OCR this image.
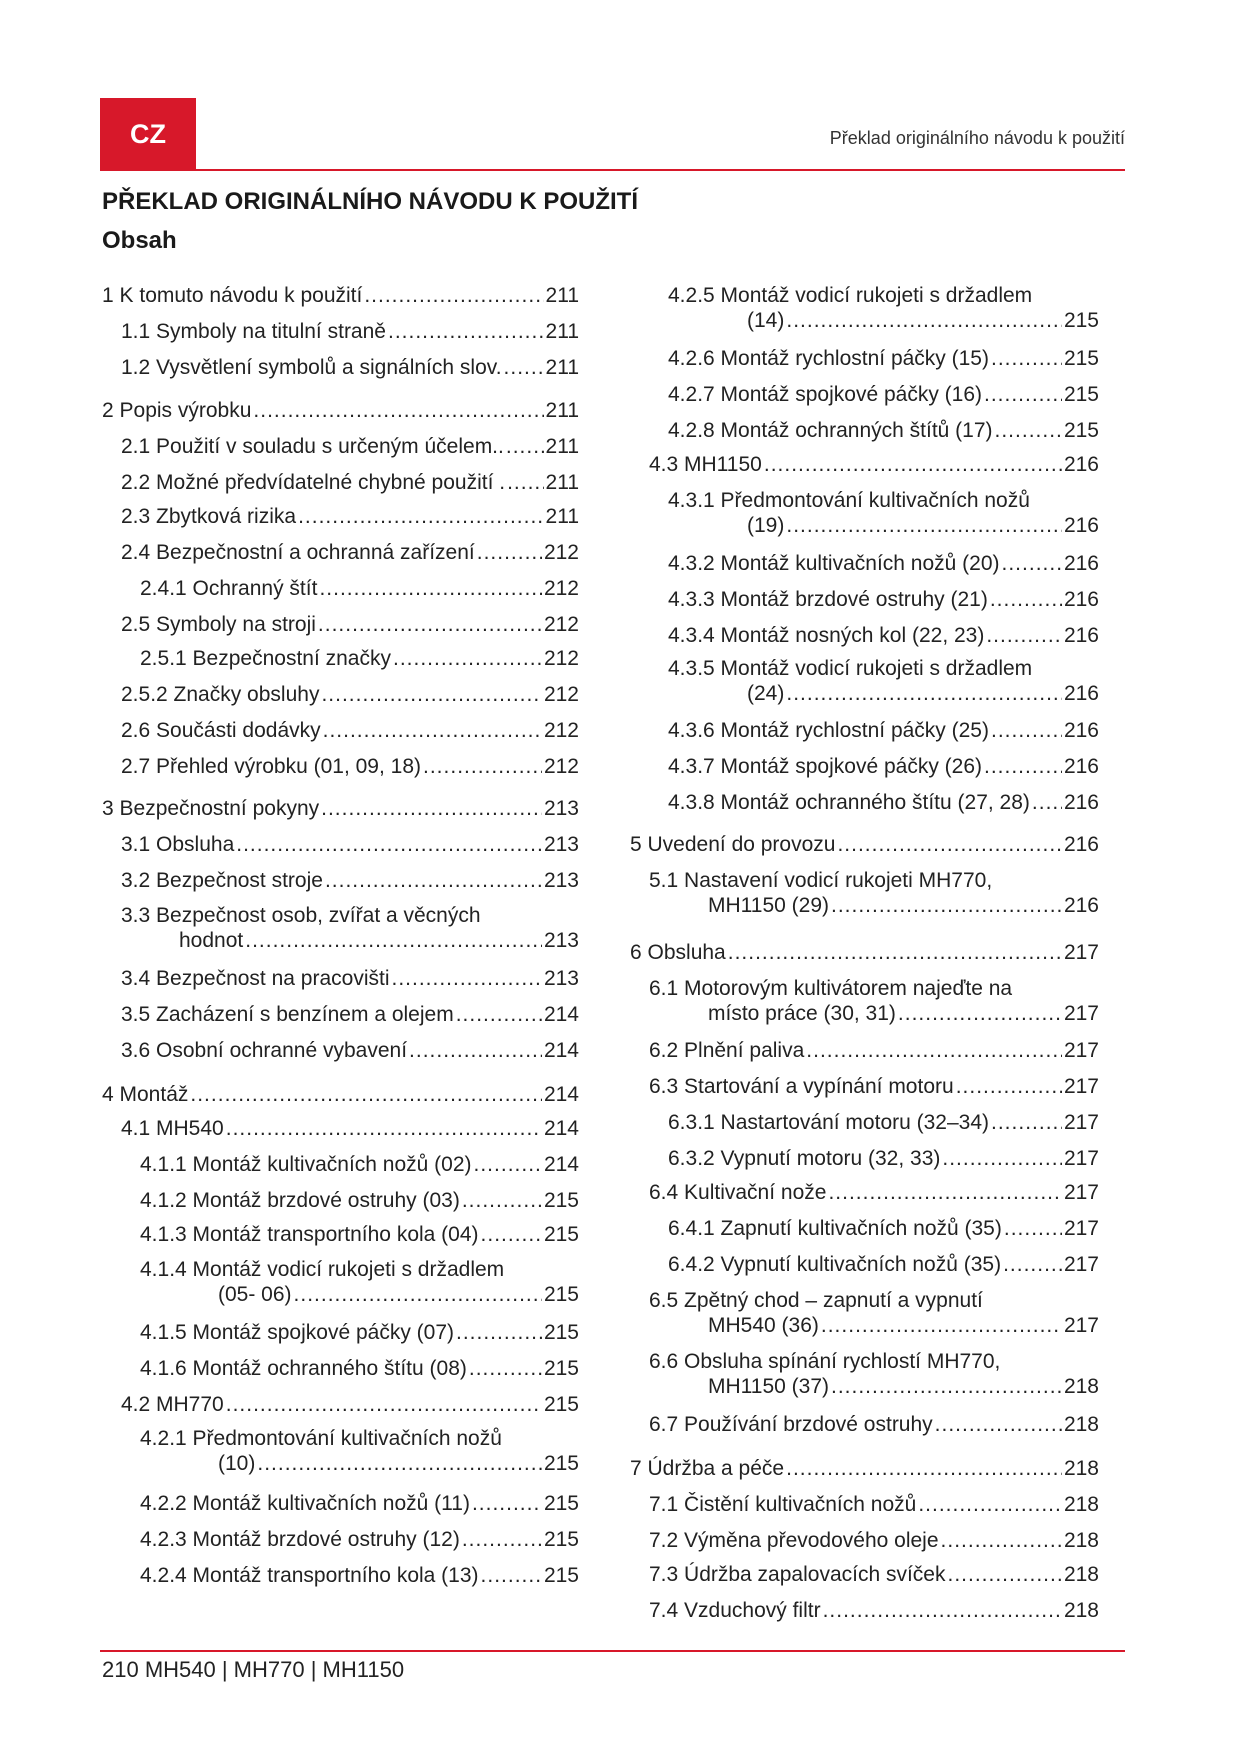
CZ	Překlad originálního návodu k použití
PŘEKLAD ORIGINÁLNÍHO NÁVODU K POUŽITÍ
Obsah
1 K tomuto návodu k použití .....	211
1.1 Symboly na titulní straně .....	211
1.2 Vysvětlení symbolů a signálních slov. ..... 211
2 Popis výrobku .....	211
2.1 Použití v souladu s určeným účelem.. ..... 211
2.2 Možné předvídatelné chybné použití . ..... 211
2.3 Zbytková rizika .....	211
2.4 Bezpečnostní a ochranná zařízení .....	212
2.4.1 Ochranný štít .....	212
2.5 Symboly na stroji .....	212
2.5.1 Bezpečnostní značky .....	212
2.5.2 Značky obsluhy .....	212
2.6 Součásti dodávky .....	212
2.7 Přehled výrobku (01, 09, 18) .....	212
3 Bezpečnostní pokyny .....	213
3.1 Obsluha .....	213
3.2 Bezpečnost stroje .....	213
3.3 Bezpečnost osob, zvířat a věcných
hodnot .....	213
3.4 Bezpečnost na pracovišti .....	213
3.5 Zacházení s benzínem a olejem .....	214
3.6 Osobní ochranné vybavení .....	214
4 Montáž .....	214
4.1 MH540 .....	214
4.1.1 Montáž kultivačních nožů (02) .....	214
4.1.2 Montáž brzdové ostruhy (03) .....	215
4.1.3 Montáž transportního kola (04) .....	215
4.1.4 Montáž vodicí rukojeti s držadlem
(05- 06) .....	215
4.1.5 Montáž spojkové páčky (07) .....	215
4.1.6 Montáž ochranného štítu (08) .....	215
4.2 MH770 .....	215
4.2.1 Předmontování kultivačních nožů
(10) .....	215
4.2.2 Montáž kultivačních nožů (11) .....	215
4.2.3 Montáž brzdové ostruhy (12) .....	215
4.2.4 Montáž transportního kola (13) .....	215
4.2.5 Montáž vodicí rukojeti s držadlem
(14) .....	215
4.2.6 Montáž rychlostní páčky (15) .....	215
4.2.7 Montáž spojkové páčky (16) .....	215
4.2.8 Montáž ochranných štítů (17) .....	215
4.3 MH1150 .....	216
4.3.1 Předmontování kultivačních nožů
(19) .....	216
4.3.2 Montáž kultivačních nožů (20) .....	216
4.3.3 Montáž brzdové ostruhy (21) .....	216
4.3.4 Montáž nosných kol (22, 23) .....	216
4.3.5 Montáž vodicí rukojeti s držadlem
(24) .....	216
4.3.6 Montáž rychlostní páčky (25) .....	216
4.3.7 Montáž spojkové páčky (26) .....	216
4.3.8 Montáž ochranného štítu (27, 28) ..... 216
5 Uvedení do provozu .....	216
5.1 Nastavení vodicí rukojeti MH770,
MH1150 (29) .....	216
6 Obsluha .....	217
6.1 Motorovým kultivátorem najeďte na
místo práce (30, 31) .....	217
6.2 Plnění paliva .....	217
6.3 Startování a vypínání motoru .....	217
6.3.1 Nastartování motoru (32–34) .....	217
6.3.2 Vypnutí motoru (32, 33) .....	217
6.4 Kultivační nože .....	217
6.4.1 Zapnutí kultivačních nožů (35) .....	217
6.4.2 Vypnutí kultivačních nožů (35) .....	217
6.5 Zpětný chod – zapnutí a vypnutí
MH540 (36) .....	217
6.6 Obsluha spínání rychlostí MH770,
MH1150 (37) .....	218
6.7 Používání brzdové ostruhy .....	218
7 Údržba a péče .....	218
7.1 Čistění kultivačních nožů .....	218
7.2 Výměna převodového oleje .....	218
7.3 Údržba zapalovacích svíček .....	218
7.4 Vzduchový filtr .....	218
210 MH540 | MH770 | MH1150
